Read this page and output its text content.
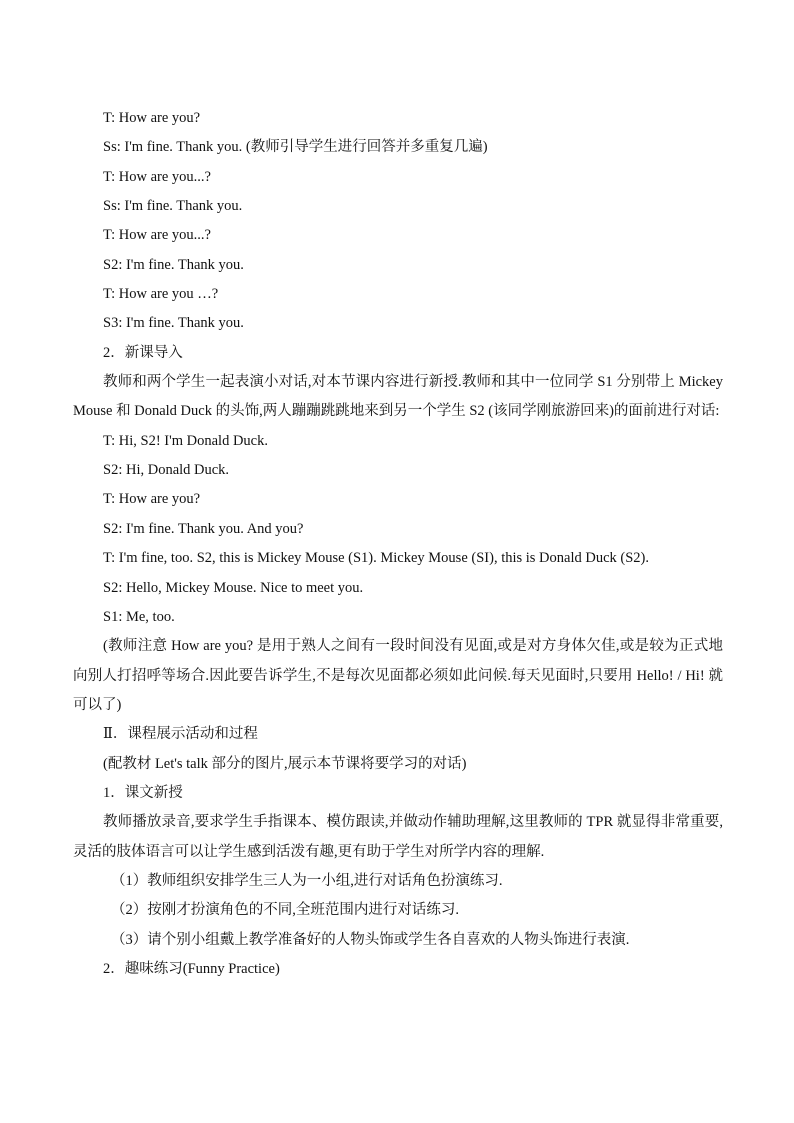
T: How are you?
Ss: I'm fine. Thank you. (教师引导学生进行回答并多重复几遍)
T: How are you...?
Ss: I'm fine. Thank you.
T: How are you...?
S2: I'm fine. Thank you.
T: How are you …?
S3: I'm fine. Thank you.
2．新课导入
教师和两个学生一起表演小对话,对本节课内容进行新授.教师和其中一位同学 S1 分别带上 Mickey Mouse 和 Donald Duck 的头饰,两人蹦蹦跳跳地来到另一个学生 S2 (该同学刚旅游回来)的面前进行对话:
T: Hi, S2! I'm Donald Duck.
S2: Hi, Donald Duck.
T: How are you?
S2: I'm fine. Thank you. And you?
T: I'm fine, too. S2, this is Mickey Mouse (S1). Mickey Mouse (SI), this is Donald Duck (S2).
S2: Hello, Mickey Mouse. Nice to meet you.
S1: Me, too.
(教师注意 How are you? 是用于熟人之间有一段时间没有见面,或是对方身体欠佳,或是较为正式地向别人打招呼等场合.因此要告诉学生,不是每次见面都必须如此问候.每天见面时,只要用 Hello! / Hi! 就可以了)
Ⅱ．课程展示活动和过程
(配教材 Let's talk 部分的图片,展示本节课将要学习的对话)
1．课文新授
教师播放录音,要求学生手指课本、模仿跟读,并做动作辅助理解,这里教师的 TPR 就显得非常重要,灵活的肢体语言可以让学生感到活泼有趣,更有助于学生对所学内容的理解.
（1）教师组织安排学生三人为一小组,进行对话角色扮演练习.
（2）按刚才扮演角色的不同,全班范围内进行对话练习.
（3）请个别小组戴上教学准备好的人物头饰或学生各自喜欢的人物头饰进行表演.
2．趣味练习(Funny Practice)
